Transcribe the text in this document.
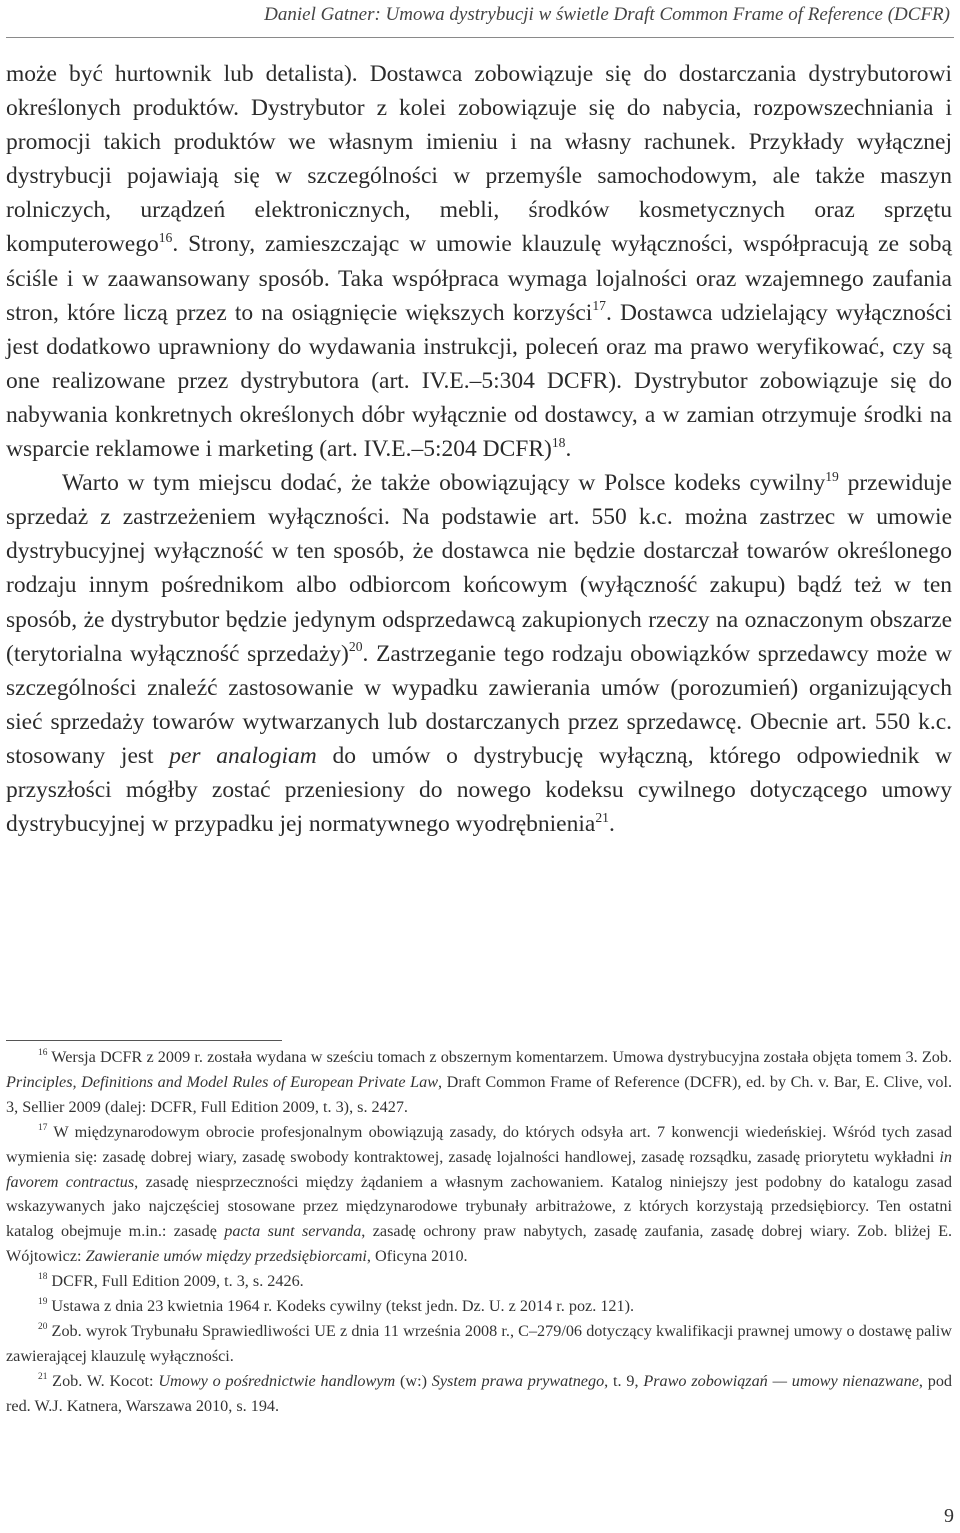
Daniel Gatner: Umowa dystrybucji w świetle Draft Common Frame of Reference (DCFR)

może być hurtownik lub detalista). Dostawca zobowiązuje się do dostarczania dystrybutorowi określonych produktów. Dystrybutor z kolei zobowiązuje się do nabycia, rozpowszechniania i promocji takich produktów we własnym imieniu i na własny rachunek. Przykłady wyłącznej dystrybucji pojawiają się w szczególności w przemyśle samochodowym, ale także maszyn rolniczych, urządzeń elektronicznych, mebli, środków kosmetycznych oraz sprzętu komputerowego$^{16}$. Strony, zamieszczając w umowie klauzulę wyłączności, współpracują ze sobą ściśle i w zaawansowany sposób. Taka współpraca wymaga lojalności oraz wzajemnego zaufania stron, które liczą przez to na osiągnięcie większych korzyści$^{17}$. Dostawca udzielający wyłączności jest dodatkowo uprawniony do wydawania instrukcji, poleceń oraz ma prawo weryfikować, czy są one realizowane przez dystrybutora (art. IV.E.–5:304 DCFR). Dystrybutor zobowiązuje się do nabywania konkretnych określonych dóbr wyłącznie od dostawcy, a w zamian otrzymuje środki na wsparcie reklamowe i marketing (art. IV.E.–5:204 DCFR)$^{18}$.

Warto w tym miejscu dodać, że także obowiązujący w Polsce kodeks cywilny$^{19}$ przewiduje sprzedaż z zastrzeżeniem wyłączności. Na podstawie art. 550 k.c. można zastrzec w umowie dystrybucyjnej wyłączność w ten sposób, że dostawca nie będzie dostarczał towarów określonego rodzaju innym pośrednikom albo odbiorcom końcowym (wyłączność zakupu) bądź też w ten sposób, że dystrybutor będzie jedynym odsprzedawcą zakupionych rzeczy na oznaczonym obszarze (terytorialna wyłączność sprzedaży)$^{20}$. Zastrzeganie tego rodzaju obowiązków sprzedawcy może w szczególności znaleźć zastosowanie w wypadku zawierania umów (porozumień) organizujących sieć sprzedaży towarów wytwarzanych lub dostarczanych przez sprzedawcę. Obecnie art. 550 k.c. stosowany jest per analogiam do umów o dystrybucję wyłączną, którego odpowiednik w przyszłości mógłby zostać przeniesiony do nowego kodeksu cywilnego dotyczącego umowy dystrybucyjnej w przypadku jej normatywnego wyodrębnienia$^{21}$.

$^{16}$ Wersja DCFR z 2009 r. została wydana w sześciu tomach z obszernym komentarzem. Umowa dystrybucyjna została objęta tomem 3. Zob. Principles, Definitions and Model Rules of European Private Law, Draft Common Frame of Reference (DCFR), ed. by Ch. v. Bar, E. Clive, vol. 3, Sellier 2009 (dalej: DCFR, Full Edition 2009, t. 3), s. 2427.

$^{17}$ W międzynarodowym obrocie profesjonalnym obowiązują zasady, do których odsyła art. 7 konwencji wiedeńskiej. Wśród tych zasad wymienia się: zasadę dobrej wiary, zasadę swobody kontraktowej, zasadę lojalności handlowej, zasadę rozsądku, zasadę priorytetu wykładni in favorem contractus, zasadę niesprzeczności między żądaniem a własnym zachowaniem. Katalog niniejszy jest podobny do katalogu zasad wskazywanych jako najczęściej stosowane przez międzynarodowe trybunały arbitrażowe, z których korzystają przedsiębiorcy. Ten ostatni katalog obejmuje m.in.: zasadę pacta sunt servanda, zasadę ochrony praw nabytych, zasadę zaufania, zasadę dobrej wiary. Zob. bliżej E. Wójtowicz: Zawieranie umów między przedsiębiorcami, Oficyna 2010.

$^{18}$ DCFR, Full Edition 2009, t. 3, s. 2426.

$^{19}$ Ustawa z dnia 23 kwietnia 1964 r. Kodeks cywilny (tekst jedn. Dz. U. z 2014 r. poz. 121).

$^{20}$ Zob. wyrok Trybunału Sprawiedliwości UE z dnia 11 września 2008 r., C–279/06 dotyczący kwalifikacji prawnej umowy o dostawę paliw zawierającej klauzulę wyłączności.

$^{21}$ Zob. W. Kocot: Umowy o pośrednictwie handlowym (w:) System prawa prywatnego, t. 9, Prawo zobowiązań — umowy nienazwane, pod red. W.J. Katnera, Warszawa 2010, s. 194.

9
